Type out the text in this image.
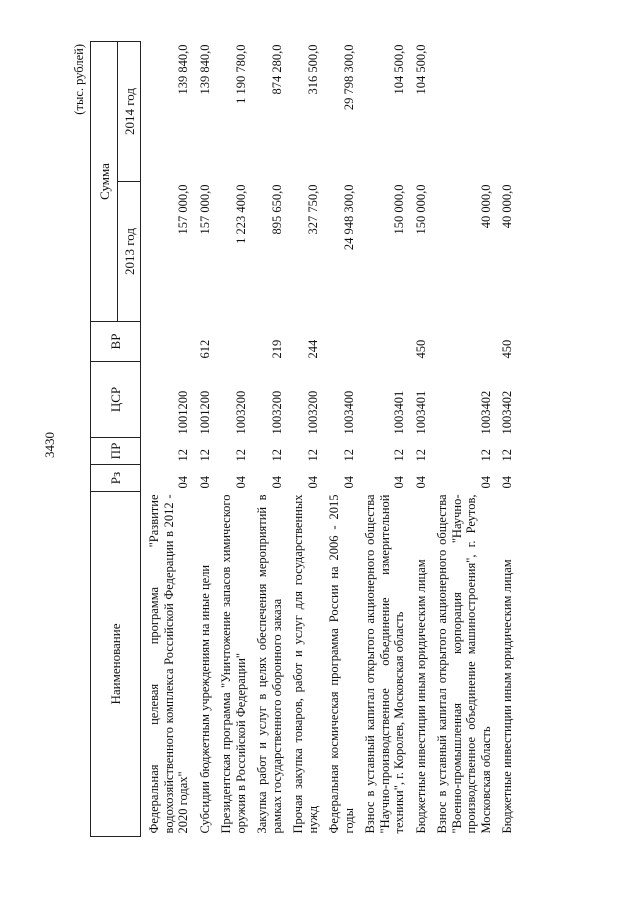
3430
(тыс. рублей)
Наименование	Рз	ПР	ЦСР	ВР	Сумма	
					2013 год	2014 год
Федеральная целевая программа "Развитие водохозяйственного комплекса Российской Федерации в 2012 - 2020 годах"	04	12	1001200		157 000,0	139 840,0
Субсидии бюджетным учреждениям на иные цели	04	12	1001200	612	157 000,0	139 840,0
Президентская программа "Уничтожение запасов химического оружия в Российской Федерации"	04	12	1003200		1 223 400,0	1 190 780,0
Закупка работ и услуг в целях обеспечения мероприятий в рамках государственного оборонного заказа	04	12	1003200	219	895 650,0	874 280,0
Прочая закупка товаров, работ и услуг для государственных нужд	04	12	1003200	244	327 750,0	316 500,0
Федеральная космическая программа России на 2006 - 2015 годы	04	12	1003400		24 948 300,0	29 798 300,0
Взнос в уставный капитал открытого акционерного общества "Научно-производственное объединение измерительной техники", г. Королев, Московская область	04	12	1003401		150 000,0	104 500,0
Бюджетные инвестиции иным юридическим лицам	04	12	1003401	450	150 000,0	104 500,0
Взнос в уставный капитал открытого акционерного общества "Военно-промышленная корпорация "Научно-производственное объединение машиностроения", г. Реутов, Московская область	04	12	1003402		40 000,0	
Бюджетные инвестиции иным юридическим лицам	04	12	1003402	450	40 000,0	
